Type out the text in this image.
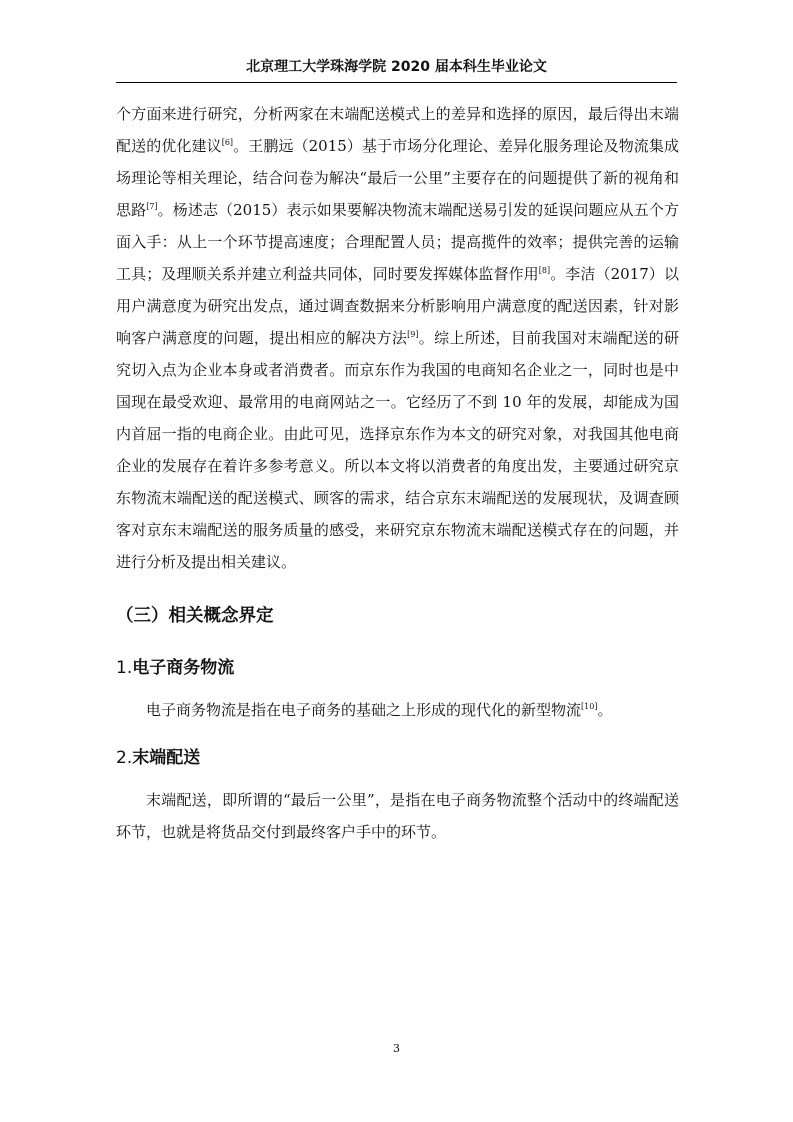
北京理工大学珠海学院 2020 届本科生毕业论文

个方面来进行研究，分析两家在末端配送模式上的差异和选择的原因，最后得出末端配送的优化建议[6]。王鹏远（2015）基于市场分化理论、差异化服务理论及物流集成场理论等相关理论，结合问卷为解决“最后一公里”主要存在的问题提供了新的视角和思路[7]。杨述志（2015）表示如果要解决物流末端配送易引发的延误问题应从五个方面入手：从上一个环节提高速度；合理配置人员；提高揽件的效率；提供完善的运输工具；及理顺关系并建立利益共同体，同时要发挥媒体监督作用[8]。李洁（2017）以用户满意度为研究出发点，通过调查数据来分析影响用户满意度的配送因素，针对影响客户满意度的问题，提出相应的解决方法[9]。综上所述，目前我国对末端配送的研究切入点为企业本身或者消费者。而京东作为我国的电商知名企业之一，同时也是中国现在最受欢迎、最常用的电商网站之一。它经历了不到 10 年的发展，却能成为国内首屈一指的电商企业。由此可见，选择京东作为本文的研究对象，对我国其他电商企业的发展存在着许多参考意义。所以本文将以消费者的角度出发，主要通过研究京东物流末端配送的配送模式、顾客的需求，结合京东末端配送的发展现状，及调查顾客对京东末端配送的服务质量的感受，来研究京东物流末端配送模式存在的问题，并进行分析及提出相关建议。

（三）相关概念界定
1.电子商务物流

电子商务物流是指在电子商务的基础之上形成的现代化的新型物流[10]。

2.末端配送

末端配送，即所谓的“最后一公里”，是指在电子商务物流整个活动中的终端配送环节，也就是将货品交付到最终客户手中的环节。

3
